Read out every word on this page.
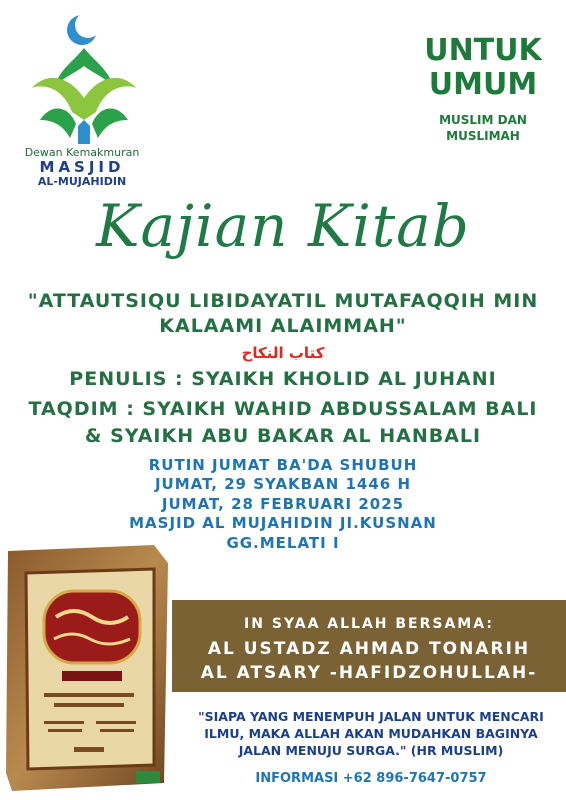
Dewan Kemakmuran
MASJID
AL-MUJAHIDIN
UNTUK
UMUM
MUSLIM DAN
MUSLIMAH
Kajian Kitab
"ATTAUTSIQU LIBIDAYATIL MUTAFAQQIH MIN
KALAAMI ALAIMMAH"
كتاب النكاح
PENULIS : SYAIKH KHOLID AL JUHANI
TAQDIM : SYAIKH WAHID ABDUSSALAM BALI
& SYAIKH ABU BAKAR AL HANBALI
RUTIN JUMAT BA'DA SHUBUH
JUMAT, 29 SYAKBAN 1446 H
JUMAT, 28 FEBRUARI 2025
MASJID AL MUJAHIDIN JI.KUSNAN
GG.MELATI I
IN SYAA ALLAH BERSAMA:
AL USTADZ AHMAD TONARIH
AL ATSARY -HAFIDZOHULLAH-
"SIAPA YANG MENEMPUH JALAN UNTUK MENCARI
ILMU, MAKA ALLAH AKAN MUDAHKAN BAGINYA
JALAN MENUJU SURGA." (HR MUSLIM)
INFORMASI +62 896-7647-0757
